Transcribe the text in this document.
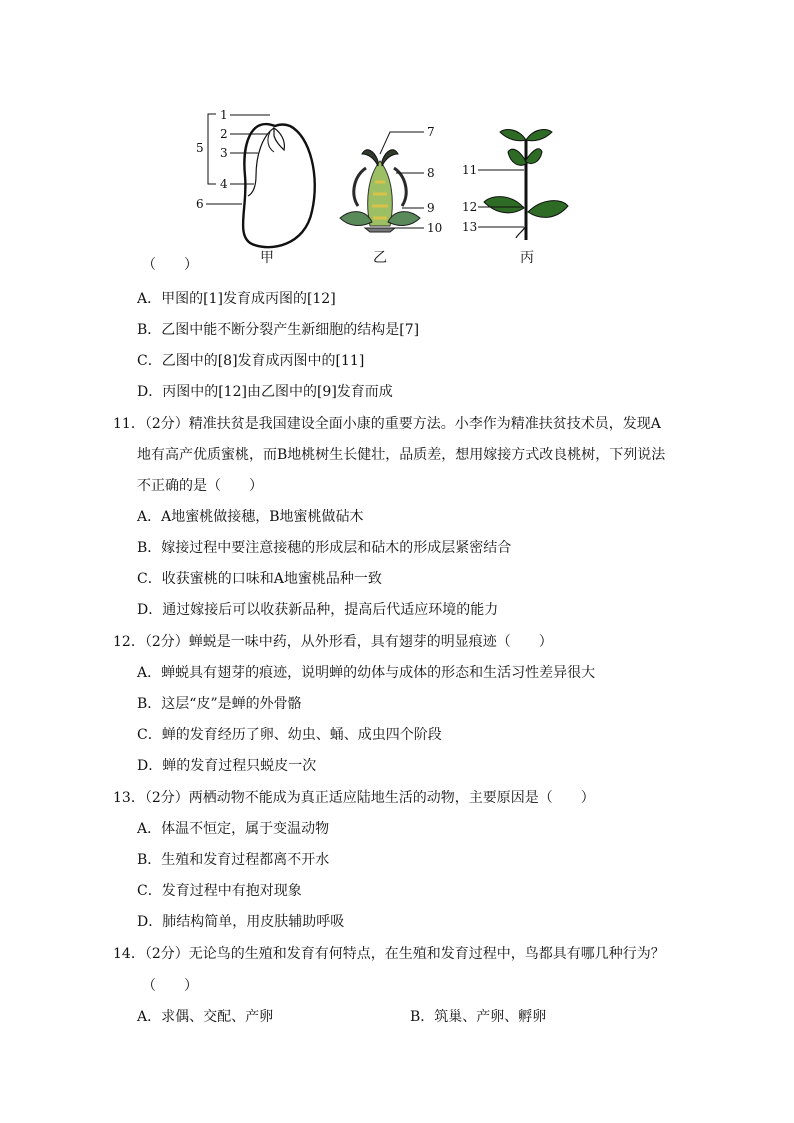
1
2
3
4
5
6
甲
7
8
9
10
乙
11
12
13
丙
（　　）
A．甲图的[1]发育成丙图的[12]
B．乙图中能不断分裂产生新细胞的结构是[7]
C．乙图中的[8]发育成丙图中的[11]
D．丙图中的[12]由乙图中的[9]发育而成
11．（2分）精准扶贫是我国建设全面小康的重要方法。小李作为精准扶贫技术员，发现A
地有高产优质蜜桃，而B地桃树生长健壮，品质差，想用嫁接方式改良桃树，下列说法
不正确的是（　　）
A．A地蜜桃做接穗，B地蜜桃做砧木
B．嫁接过程中要注意接穗的形成层和砧木的形成层紧密结合
C．收获蜜桃的口味和A地蜜桃品种一致
D．通过嫁接后可以收获新品种，提高后代适应环境的能力
12．（2分）蝉蜕是一味中药，从外形看，具有翅芽的明显痕迹（　　）
A．蝉蜕具有翅芽的痕迹，说明蝉的幼体与成体的形态和生活习性差异很大
B．这层“皮”是蝉的外骨骼
C．蝉的发育经历了卵、幼虫、蛹、成虫四个阶段
D．蝉的发育过程只蜕皮一次
13．（2分）两栖动物不能成为真正适应陆地生活的动物，主要原因是（　　）
A．体温不恒定，属于变温动物
B．生殖和发育过程都离不开水
C．发育过程中有抱对现象
D．肺结构简单，用皮肤辅助呼吸
14．（2分）无论鸟的生殖和发育有何特点，在生殖和发育过程中，鸟都具有哪几种行为？
（　　）
A．求偶、交配、产卵	B．筑巢、产卵、孵卵
